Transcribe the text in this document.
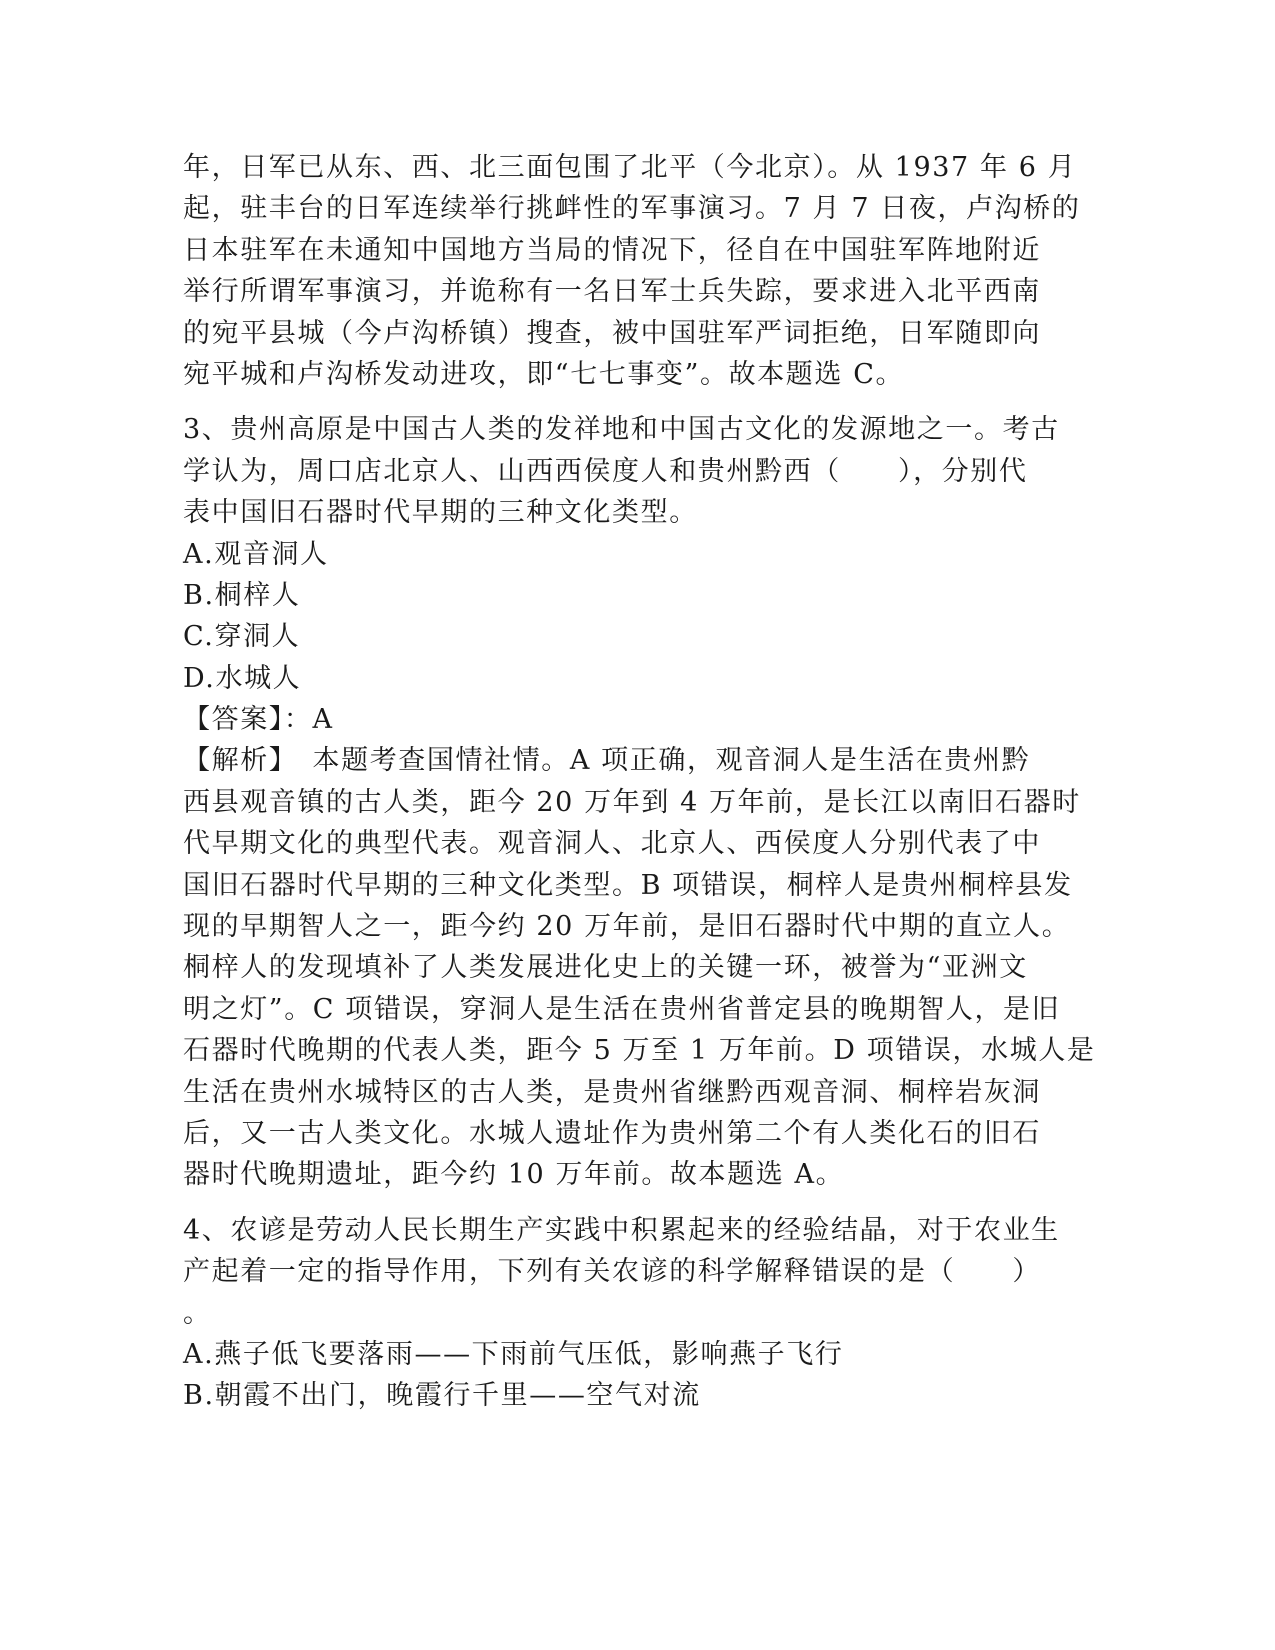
年，日军已从东、西、北三面包围了北平（今北京）。从 1937 年 6 月
起，驻丰台的日军连续举行挑衅性的军事演习。7 月 7 日夜，卢沟桥的
日本驻军在未通知中国地方当局的情况下，径自在中国驻军阵地附近
举行所谓军事演习，并诡称有一名日军士兵失踪，要求进入北平西南
的宛平县城（今卢沟桥镇）搜查，被中国驻军严词拒绝，日军随即向
宛平城和卢沟桥发动进攻，即“七七事变”。故本题选 C。
3、贵州高原是中国古人类的发祥地和中国古文化的发源地之一。考古
学认为，周口店北京人、山西西侯度人和贵州黔西（　　），分别代
表中国旧石器时代早期的三种文化类型。
A.观音洞人
B.桐梓人
C.穿洞人
D.水城人
【答案】：A
【解析】　本题考查国情社情。A 项正确，观音洞人是生活在贵州黔
西县观音镇的古人类，距今 20 万年到 4 万年前，是长江以南旧石器时
代早期文化的典型代表。观音洞人、北京人、西侯度人分别代表了中
国旧石器时代早期的三种文化类型。B 项错误，桐梓人是贵州桐梓县发
现的早期智人之一，距今约 20 万年前，是旧石器时代中期的直立人。
桐梓人的发现填补了人类发展进化史上的关键一环，被誉为“亚洲文
明之灯”。C 项错误，穿洞人是生活在贵州省普定县的晚期智人，是旧
石器时代晚期的代表人类，距今 5 万至 1 万年前。D 项错误，水城人是
生活在贵州水城特区的古人类，是贵州省继黔西观音洞、桐梓岩灰洞
后，又一古人类文化。水城人遗址作为贵州第二个有人类化石的旧石
器时代晚期遗址，距今约 10 万年前。故本题选 A。
4、农谚是劳动人民长期生产实践中积累起来的经验结晶，对于农业生
产起着一定的指导作用，下列有关农谚的科学解释错误的是（　　）
。
A.燕子低飞要落雨——下雨前气压低，影响燕子飞行
B.朝霞不出门，晚霞行千里——空气对流
